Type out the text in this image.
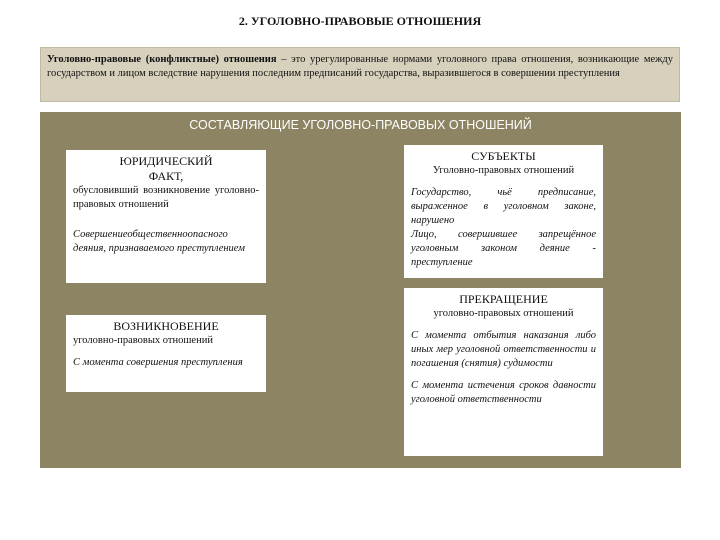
2. УГОЛОВНО-ПРАВОВЫЕ ОТНОШЕНИЯ
Уголовно-правовые (конфликтные) отношения – это урегулированные нормами уголовного права отношения, возникающие между государством и лицом вследствие нарушения последним предписаний государства, выразившегося в совершении преступления
СОСТАВЛЯЮЩИЕ УГОЛОВНО-ПРАВОВЫХ ОТНОШЕНИЙ
ЮРИДИЧЕСКИЙ
ФАКТ,

обусловивший возникновение уголовно-правовых отношений

Совершениеобщественноопасного деяния, признаваемого преступлением

СУБЪЕКТЫ
Уголовно-правовых отношений

Государство, чьё предписание, выраженное в уголовном законе, нарушено

Лицо, совершившее запрещённое уголовным законом деяние - преступление

ВОЗНИКНОВЕНИЕ

уголовно-правовых отношений

С момента совершения преступления

ПРЕКРАЩЕНИЕ
уголовно-правовых отношений

С момента отбытия наказания либо иных мер уголовной ответственности и погашения (снятия) судимости

С момента истечения сроков давности уголовной ответственности
